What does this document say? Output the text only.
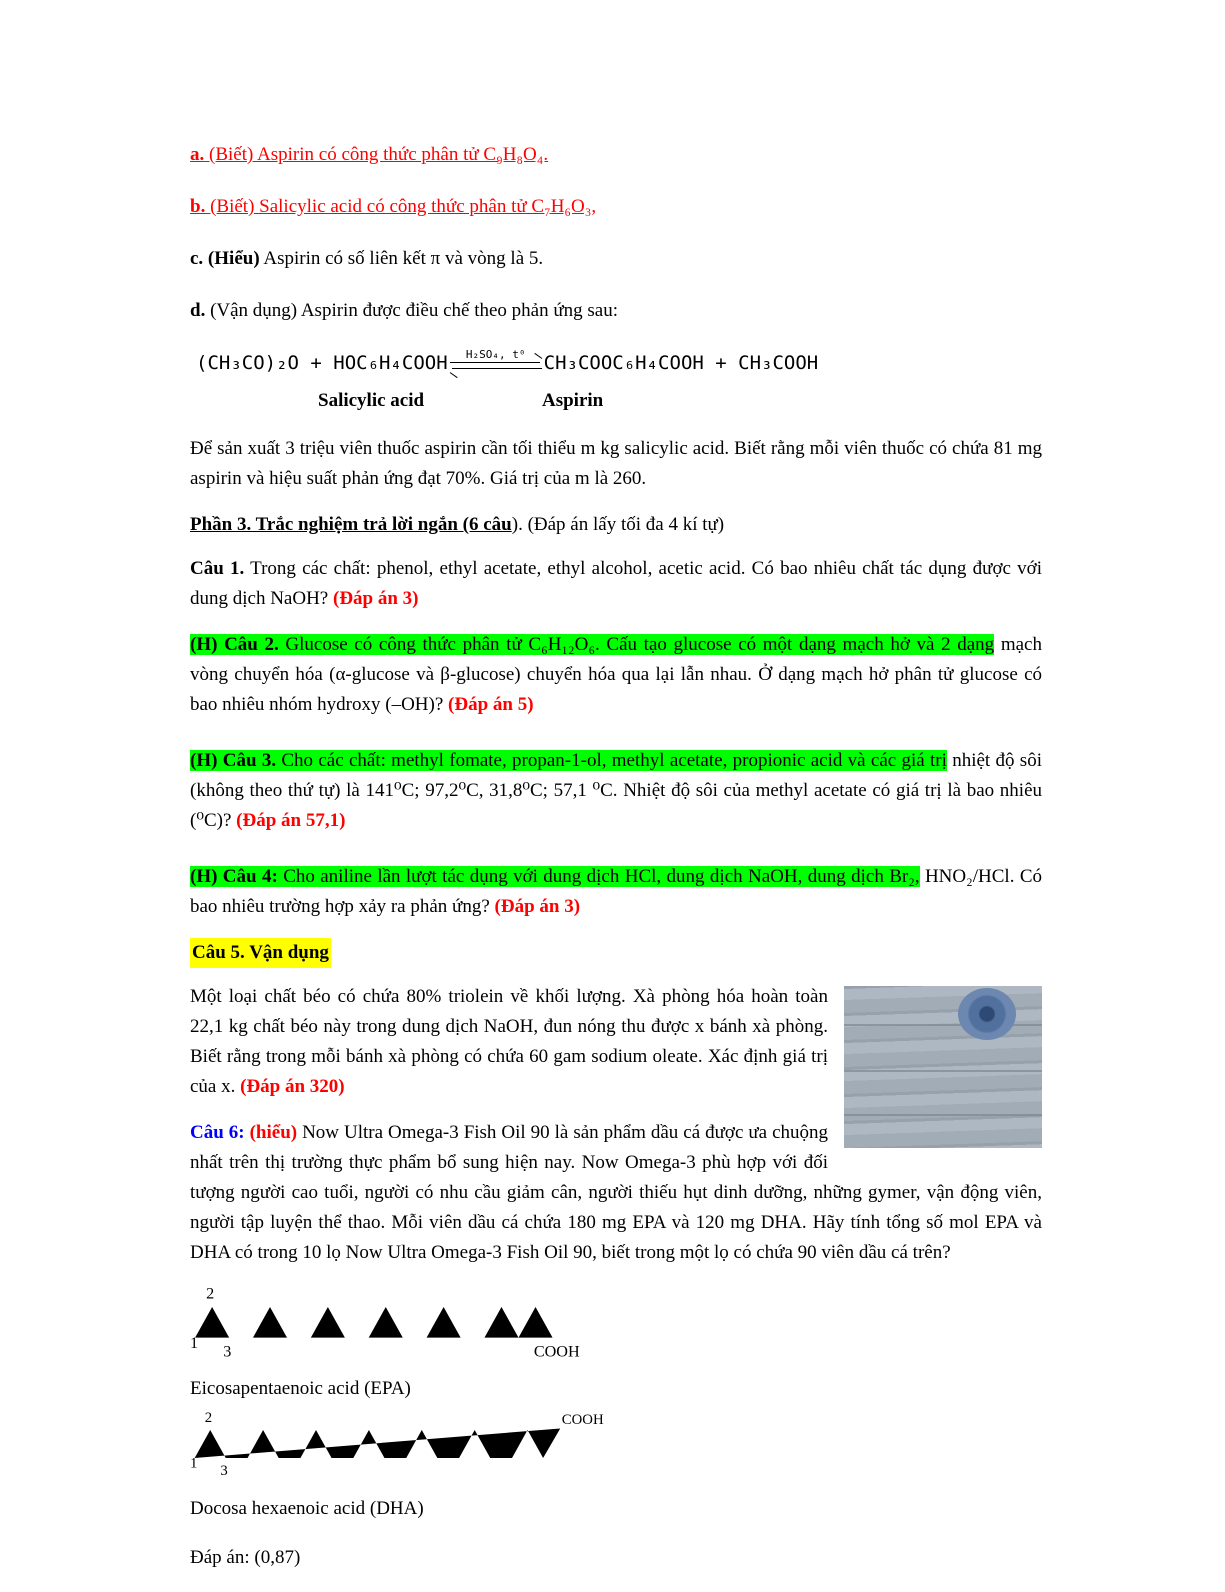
a. (Biết) Aspirin có công thức phân tử C₉H₈O₄.

b. (Biết) Salicylic acid có công thức phân tử C₇H₆O₃,

c. (Hiểu) Aspirin có số liên kết π và vòng là 5.

d. (Vận dụng) Aspirin được điều chế theo phản ứng sau:

(CH₃CO)₂O + HOC₆H₄COOH H₂SO₄, t⁰ CH₃COOC₆H₄COOH + CH₃COOH
Salicylic acid	Aspirin

Để sản xuất 3 triệu viên thuốc aspirin cần tối thiểu m kg salicylic acid. Biết rằng mỗi viên thuốc có chứa 81 mg aspirin và hiệu suất phản ứng đạt 70%. Giá trị của m là 260.

Phần 3. Trắc nghiệm trả lời ngắn (6 câu). (Đáp án lấy tối đa 4 kí tự)

Câu 1. Trong các chất: phenol, ethyl acetate, ethyl alcohol, acetic acid. Có bao nhiêu chất tác dụng được với dung dịch NaOH? (Đáp án 3)

(H) Câu 2. Glucose có công thức phân tử C₆H₁₂O₆. Cấu tạo glucose có một dạng mạch hở và 2 dạng mạch vòng chuyển hóa (α-glucose và β-glucose) chuyển hóa qua lại lẫn nhau. Ở dạng mạch hở phân tử glucose có bao nhiêu nhóm hydroxy (–OH)? (Đáp án 5)

(H) Câu 3. Cho các chất: methyl fomate, propan-1-ol, methyl acetate, propionic acid và các giá trị nhiệt độ sôi (không theo thứ tự) là 141⁰C; 97,2⁰C, 31,8⁰C; 57,1 ⁰C. Nhiệt độ sôi của methyl acetate có giá trị là bao nhiêu (⁰C)? (Đáp án 57,1)

(H) Câu 4: Cho aniline lần lượt tác dụng với dung dịch HCl, dung dịch NaOH, dung dịch Br₂, HNO₂/HCl. Có bao nhiêu trường hợp xảy ra phản ứng? (Đáp án 3)

Câu 5. Vận dụng

Một loại chất béo có chứa 80% triolein về khối lượng. Xà phòng hóa hoàn toàn 22,1 kg chất béo này trong dung dịch NaOH, đun nóng thu được x bánh xà phòng. Biết rằng trong mỗi bánh xà phòng có chứa 60 gam sodium oleate. Xác định giá trị của x. (Đáp án 320)

Câu 6: (hiểu) Now Ultra Omega-3 Fish Oil 90 là sản phẩm dầu cá được ưa chuộng nhất trên thị trường thực phẩm bổ sung hiện nay. Now Omega-3 phù hợp với đối tượng người cao tuổi, người có nhu cầu giảm cân, người thiếu hụt dinh dưỡng, những gymer, vận động viên, người tập luyện thể thao. Mỗi viên dầu cá chứa 180 mg EPA và 120 mg DHA. Hãy tính tổng số mol EPA và DHA có trong 10 lọ Now Ultra Omega-3 Fish Oil 90, biết trong một lọ có chứa 90 viên dầu cá trên?

2
1
3	COOH
Eicosapentaenoic acid (EPA)
2
1 3
COOH
Docosa hexaenoic acid (DHA)

Đáp án: (0,87)
